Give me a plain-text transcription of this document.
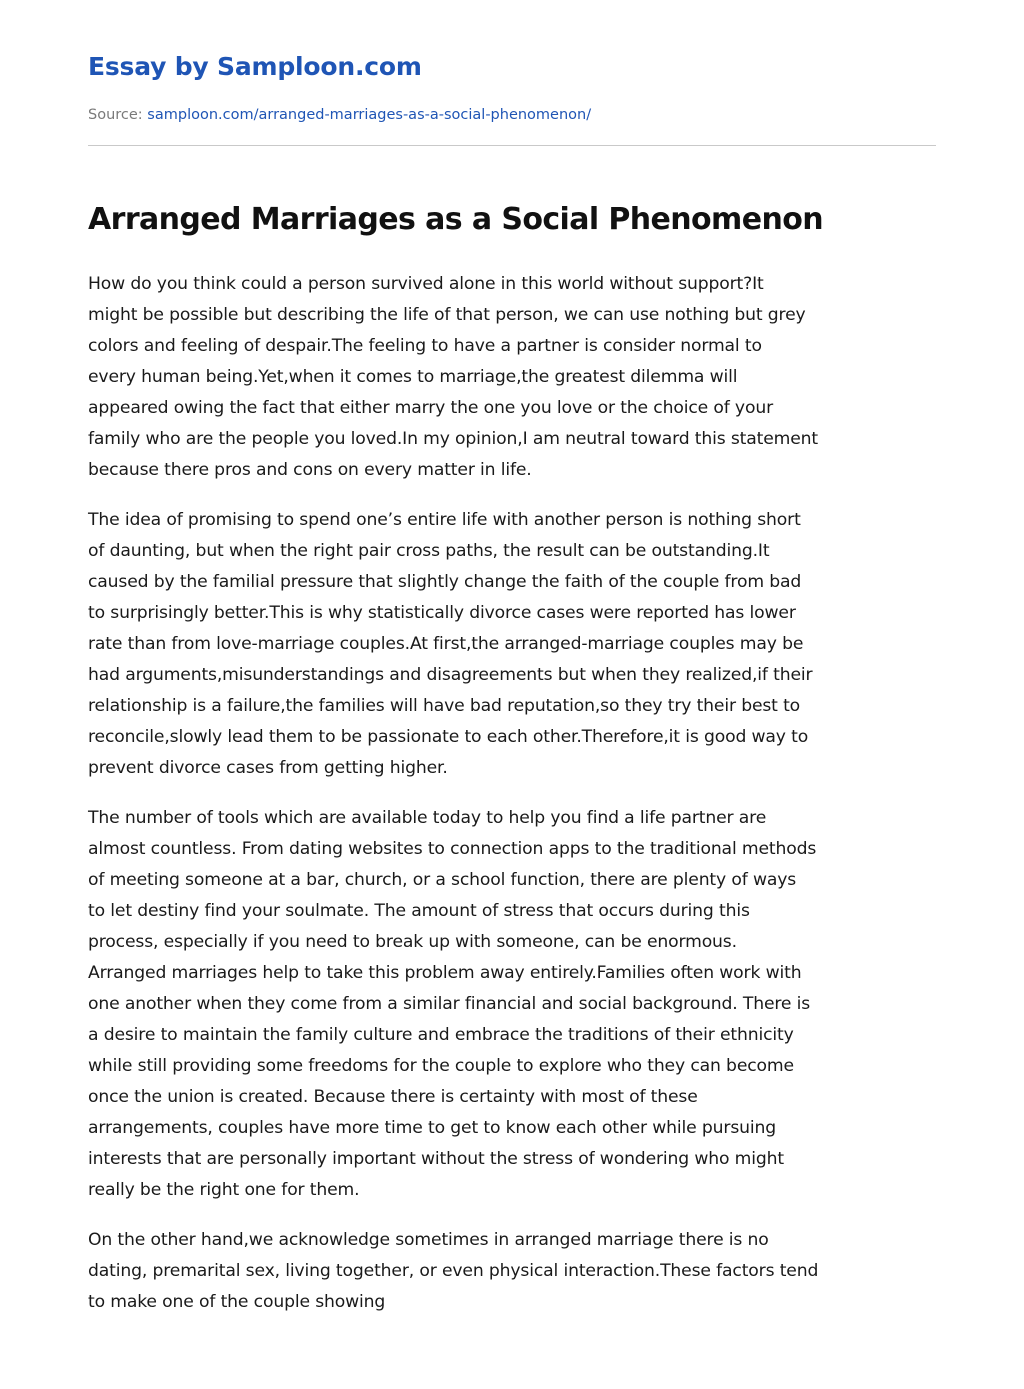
Essay by Samploon.com
Source: samploon.com/arranged-marriages-as-a-social-phenomenon/
Arranged Marriages as a Social Phenomenon

How do you think could a person survived alone in this world without support?It
might be possible but describing the life of that person, we can use nothing but grey
colors and feeling of despair.The feeling to have a partner is consider normal to
every human being.Yet,when it comes to marriage,the greatest dilemma will
appeared owing the fact that either marry the one you love or the choice of your
family who are the people you loved.In my opinion,I am neutral toward this statement
because there pros and cons on every matter in life.

The idea of promising to spend one’s entire life with another person is nothing short
of daunting, but when the right pair cross paths, the result can be outstanding.It
caused by the familial pressure that slightly change the faith of the couple from bad
to surprisingly better.This is why statistically divorce cases were reported has lower
rate than from love-marriage couples.At first,the arranged-marriage couples may be
had arguments,misunderstandings and disagreements but when they realized,if their
relationship is a failure,the families will have bad reputation,so they try their best to
reconcile,slowly lead them to be passionate to each other.Therefore,it is good way to
prevent divorce cases from getting higher.

The number of tools which are available today to help you find a life partner are
almost countless. From dating websites to connection apps to the traditional methods
of meeting someone at a bar, church, or a school function, there are plenty of ways
to let destiny find your soulmate. The amount of stress that occurs during this
process, especially if you need to break up with someone, can be enormous.
Arranged marriages help to take this problem away entirely.Families often work with
one another when they come from a similar financial and social background. There is
a desire to maintain the family culture and embrace the traditions of their ethnicity
while still providing some freedoms for the couple to explore who they can become
once the union is created. Because there is certainty with most of these
arrangements, couples have more time to get to know each other while pursuing
interests that are personally important without the stress of wondering who might
really be the right one for them.

On the other hand,we acknowledge sometimes in arranged marriage there is no
dating, premarital sex, living together, or even physical interaction.These factors tend
to make one of the couple showing
